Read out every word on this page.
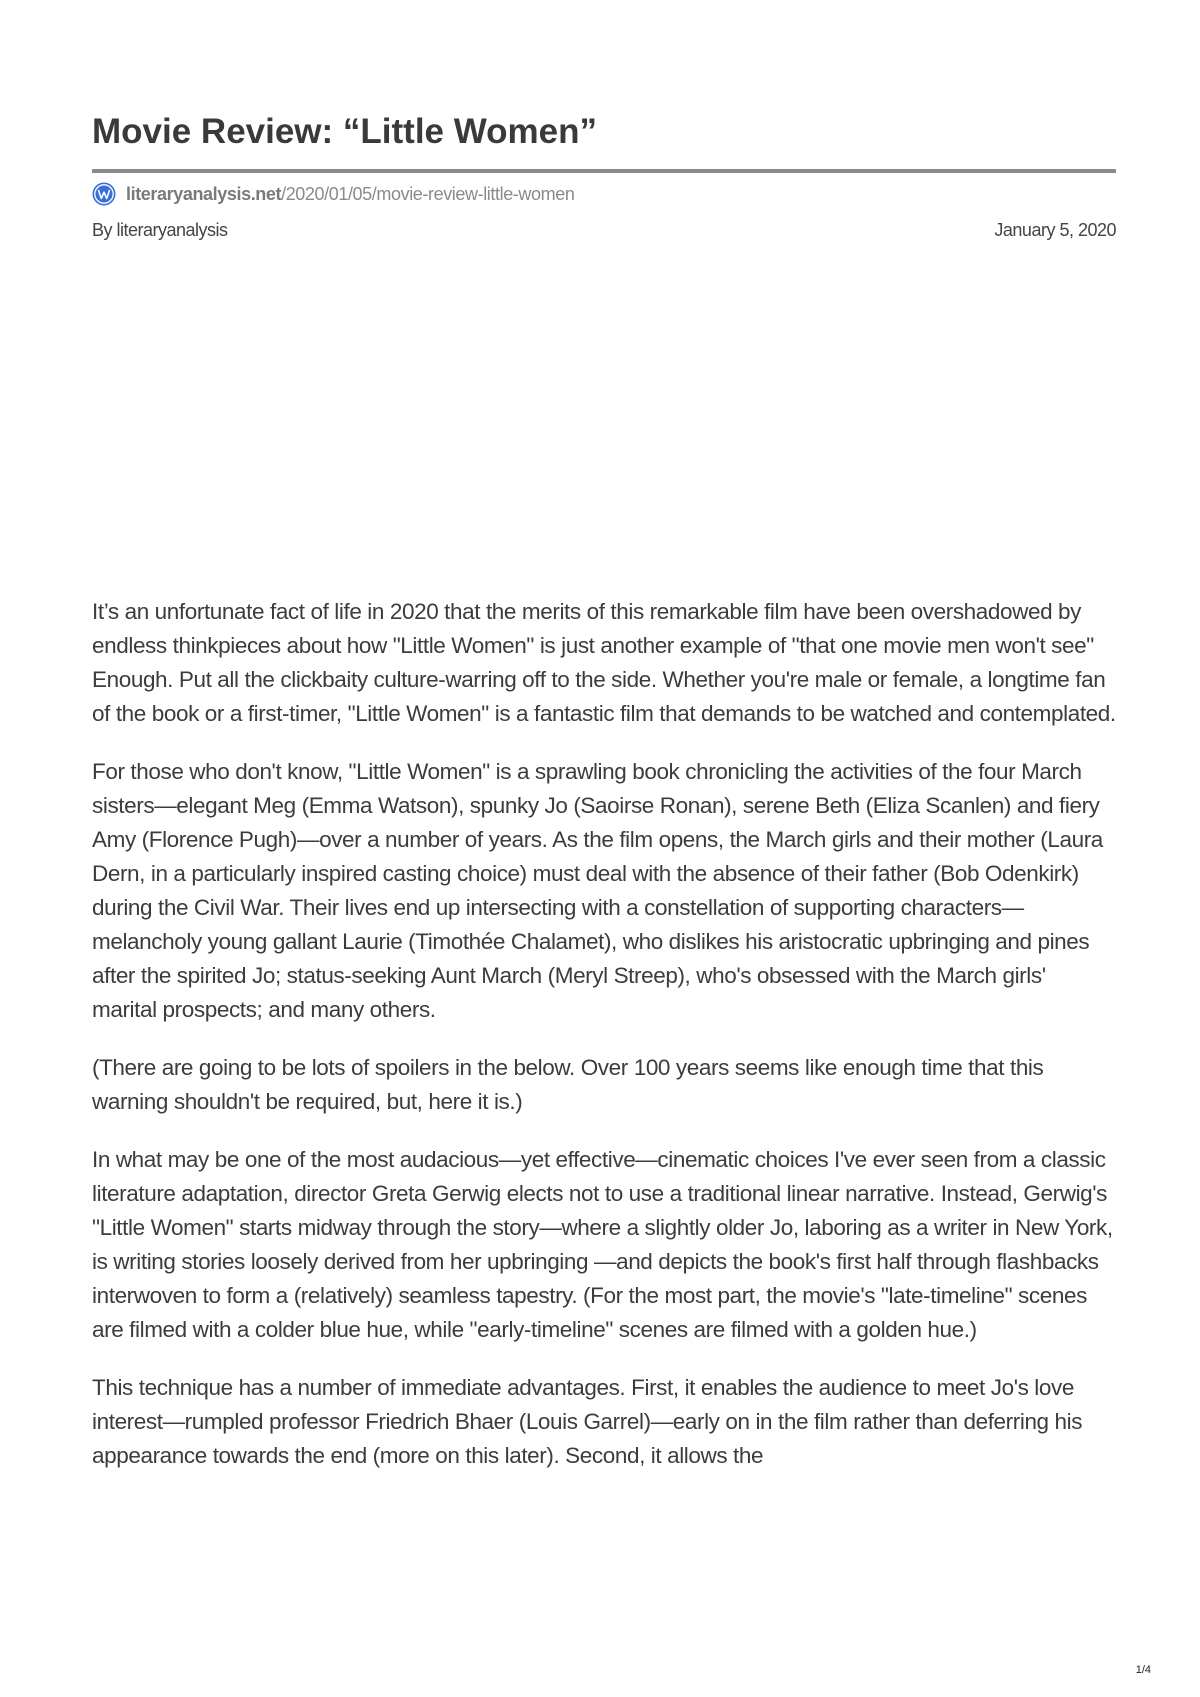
Movie Review: “Little Women”
literaryanalysis.net /2020/01/05/movie-review-little-women
By literaryanalysis	January 5, 2020

It’s an unfortunate fact of life in 2020 that the merits of this remarkable film have been overshadowed by endless thinkpieces about how "Little Women" is just another example of "that one movie men won't see" Enough. Put all the clickbaity culture-warring off to the side. Whether you're male or female, a longtime fan of the book or a first-timer, "Little Women" is a fantastic film that demands to be watched and contemplated.

For those who don't know, "Little Women" is a sprawling book chronicling the activities of the four March sisters—elegant Meg (Emma Watson), spunky Jo (Saoirse Ronan), serene Beth (Eliza Scanlen) and fiery Amy (Florence Pugh)—over a number of years. As the film opens, the March girls and their mother (Laura Dern, in a particularly inspired casting choice) must deal with the absence of their father (Bob Odenkirk) during the Civil War. Their lives end up intersecting with a constellation of supporting characters—melancholy young gallant Laurie (Timothée Chalamet), who dislikes his aristocratic upbringing and pines after the spirited Jo; status-seeking Aunt March (Meryl Streep), who's obsessed with the March girls' marital prospects; and many others.

(There are going to be lots of spoilers in the below. Over 100 years seems like enough time that this warning shouldn't be required, but, here it is.)

In what may be one of the most audacious—yet effective—cinematic choices I've ever seen from a classic literature adaptation, director Greta Gerwig elects not to use a traditional linear narrative. Instead, Gerwig's "Little Women" starts midway through the story—where a slightly older Jo, laboring as a writer in New York, is writing stories loosely derived from her upbringing —and depicts the book's first half through flashbacks interwoven to form a (relatively) seamless tapestry. (For the most part, the movie's "late-timeline" scenes are filmed with a colder blue hue, while "early-timeline" scenes are filmed with a golden hue.)

This technique has a number of immediate advantages. First, it enables the audience to meet Jo's love interest—rumpled professor Friedrich Bhaer (Louis Garrel)—early on in the film rather than deferring his appearance towards the end (more on this later). Second, it allows the

1/4
